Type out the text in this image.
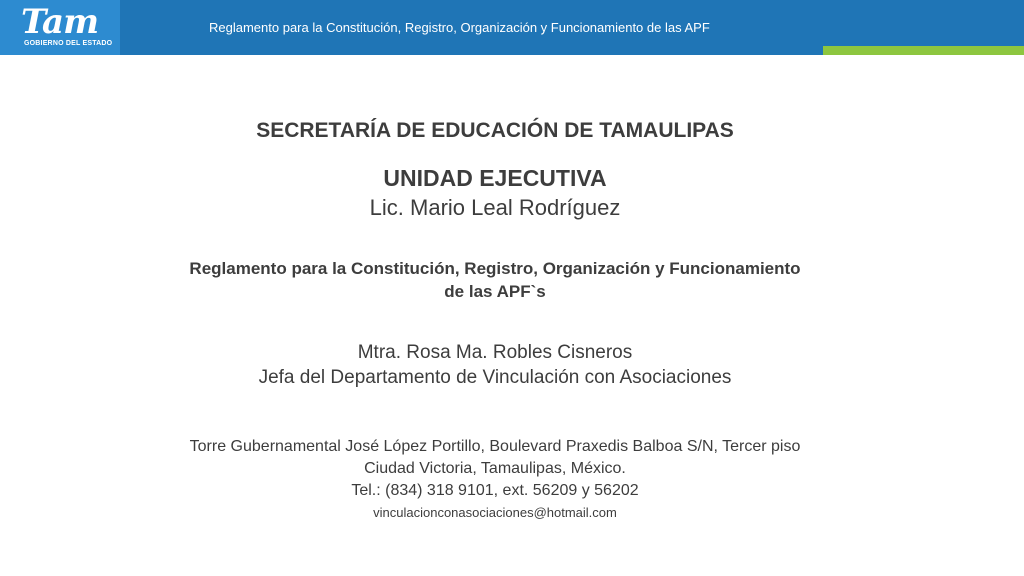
Tam
GOBIERNO DEL ESTADO
Reglamento para la Constitución, Registro, Organización y Funcionamiento de las APF
SECRETARÍA DE EDUCACIÓN DE TAMAULIPAS
UNIDAD EJECUTIVA
Lic. Mario Leal Rodríguez
Reglamento para la Constitución, Registro, Organización y Funcionamiento
de las APF`s
Mtra. Rosa Ma. Robles Cisneros
Jefa del Departamento de Vinculación con Asociaciones
Torre Gubernamental José López Portillo, Boulevard Praxedis Balboa S/N, Tercer piso
Ciudad Victoria, Tamaulipas, México.
Tel.: (834) 318 9101, ext. 56209 y 56202
vinculacionconasociaciones@hotmail.com
